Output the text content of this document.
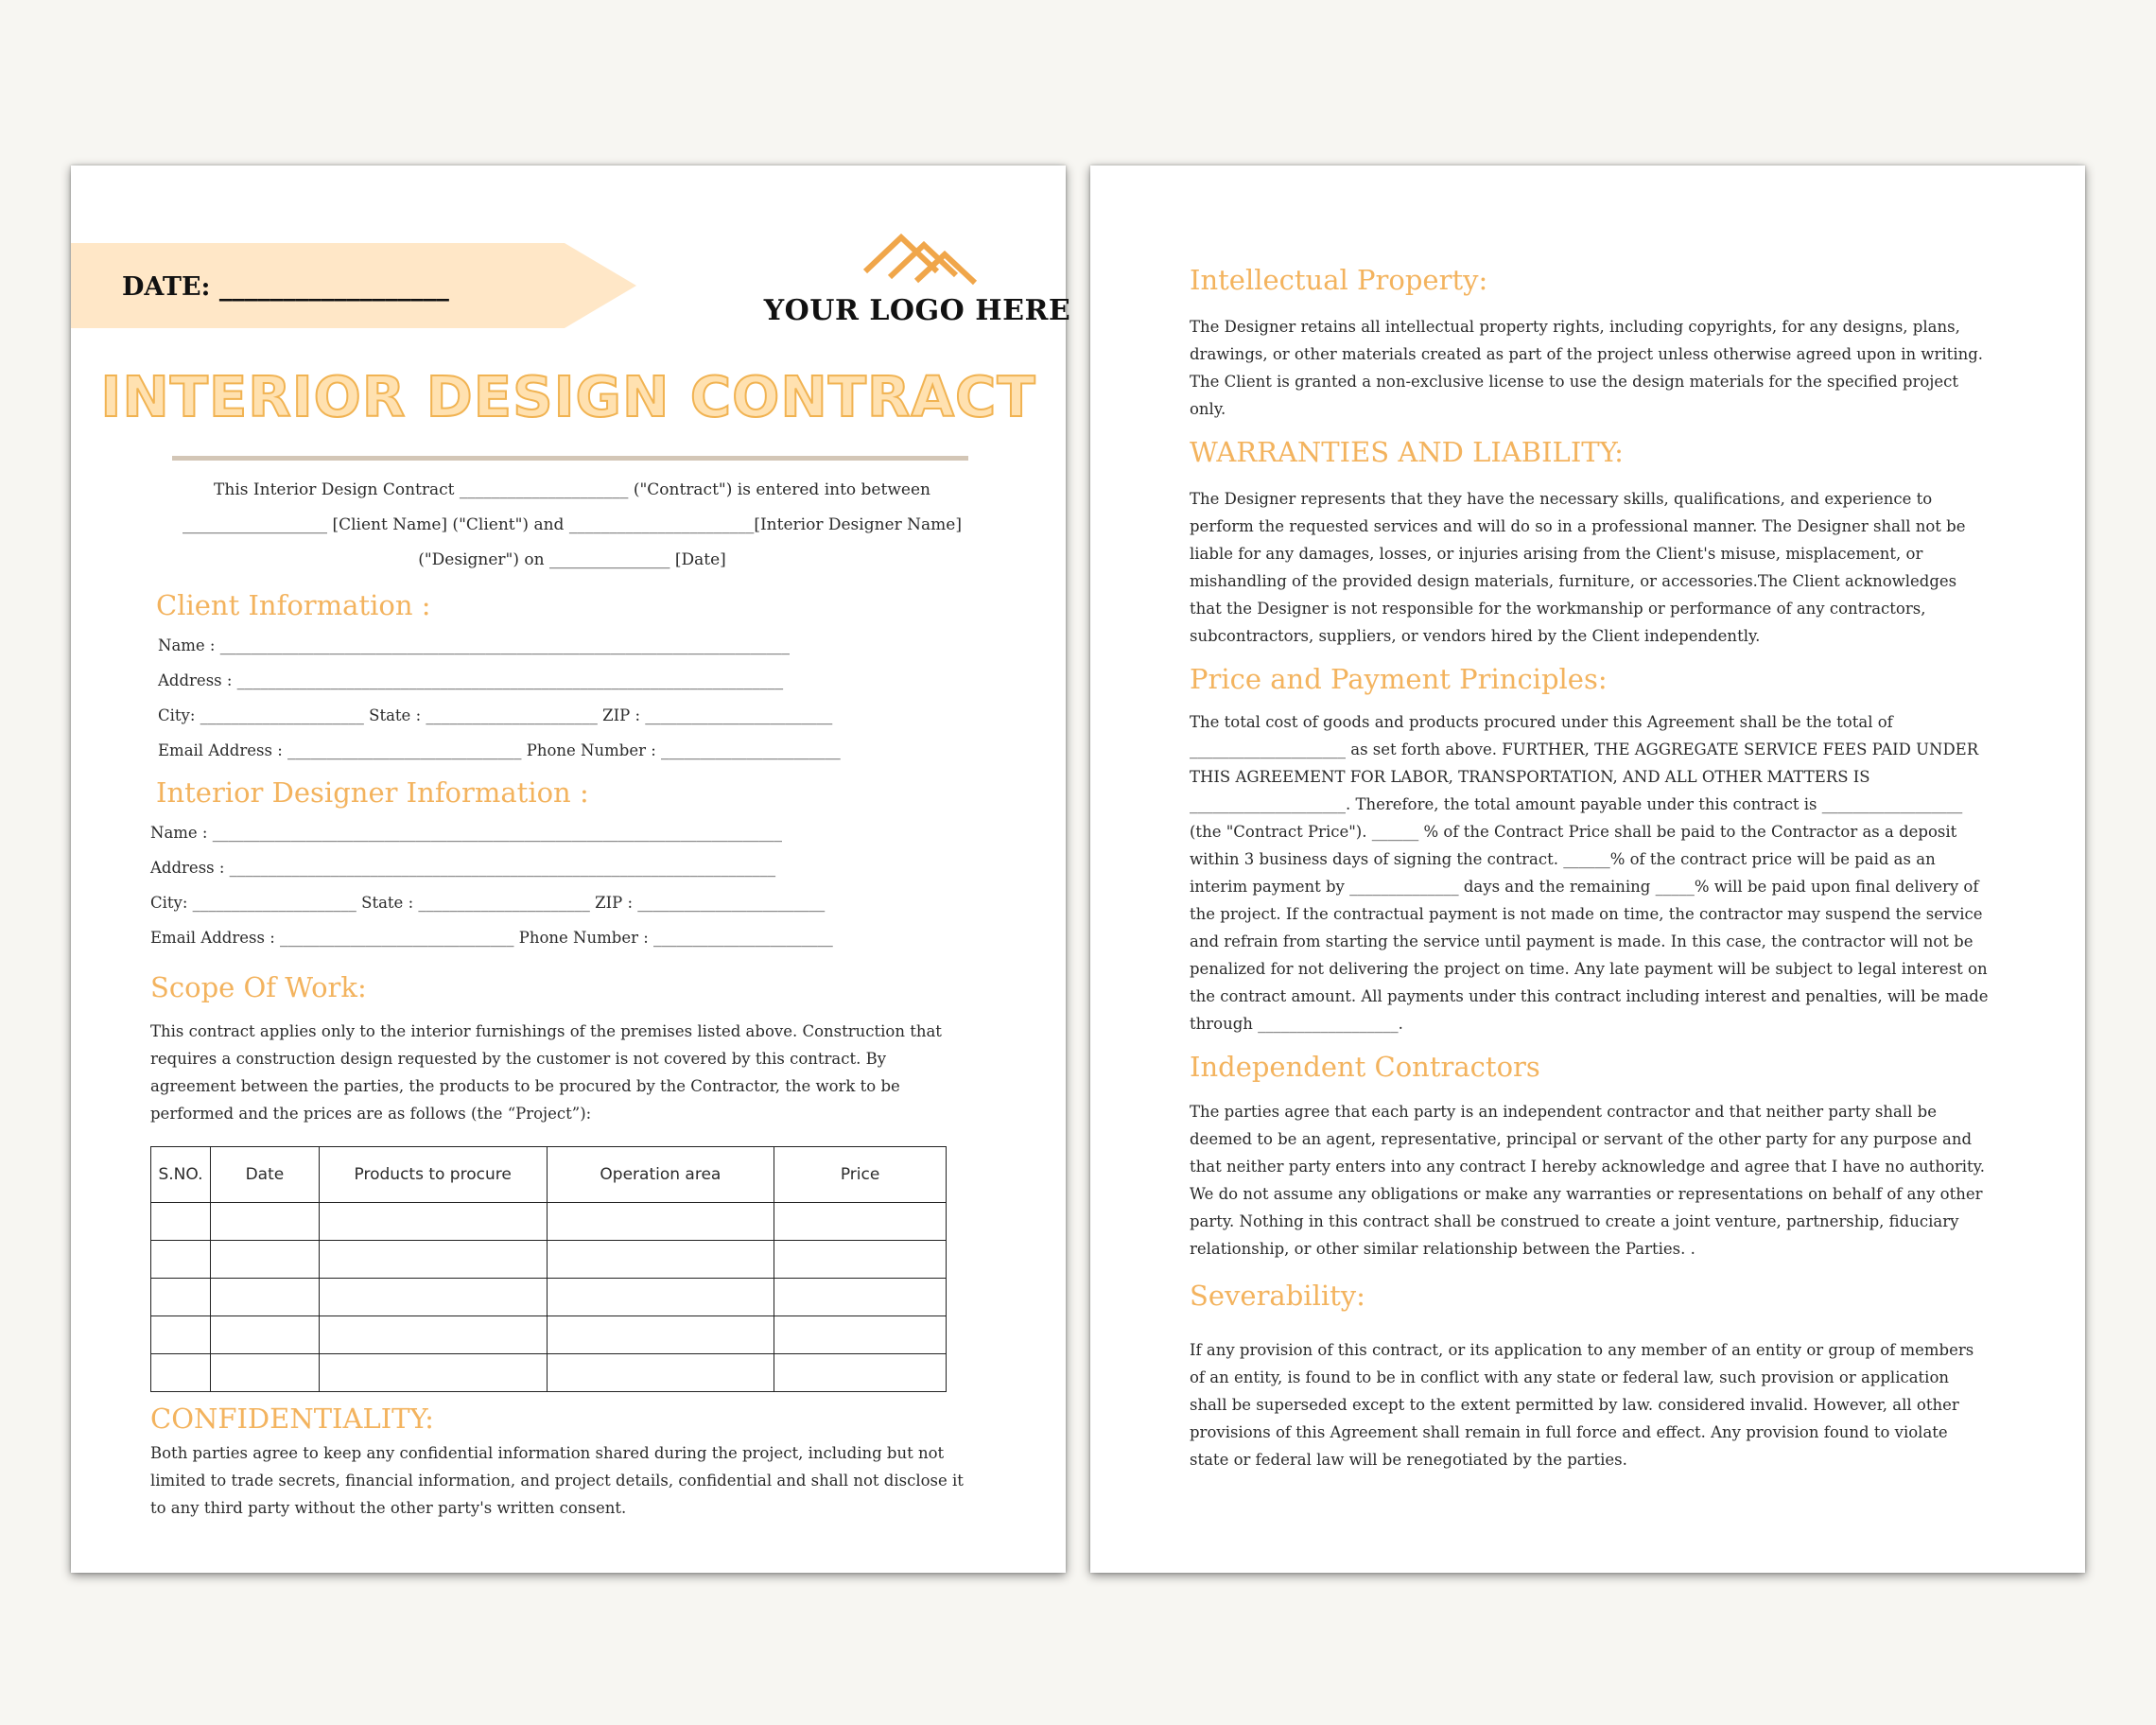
DATE: __________________
YOUR LOGO HERE
INTERIOR DESIGN CONTRACT
This Interior Design Contract _____________________ ("Contract") is entered into between __________________ [Client Name] ("Client") and _______________________[Interior Designer Name] ("Designer") on _______________ [Date]
Client Information :
Name : _________________________________________________________________________
Address : ______________________________________________________________________
City: _____________________ State : ______________________ ZIP : ________________________
Email Address : ______________________________ Phone Number : _______________________
Interior Designer Information :
Name : _________________________________________________________________________
Address : ______________________________________________________________________
City: _____________________ State : ______________________ ZIP : ________________________
Email Address : ______________________________ Phone Number : _______________________
Scope Of Work:
This contract applies only to the interior furnishings of the premises listed above. Construction that requires a construction design requested by the customer is not covered by this contract. By agreement between the parties, the products to be procured by the Contractor, the work to be performed and the prices are as follows (the “Project”):
S.NO.	Date	Products to procure	Operation area	Price

CONFIDENTIALITY:
Both parties agree to keep any confidential information shared during the project, including but not limited to trade secrets, financial information, and project details, confidential and shall not disclose it to any third party without the other party's written consent.
Intellectual Property:
The Designer retains all intellectual property rights, including copyrights, for any designs, plans, drawings, or other materials created as part of the project unless otherwise agreed upon in writing. The Client is granted a non-exclusive license to use the design materials for the specified project only.
WARRANTIES AND LIABILITY:
The Designer represents that they have the necessary skills, qualifications, and experience to perform the requested services and will do so in a professional manner. The Designer shall not be liable for any damages, losses, or injuries arising from the Client's misuse, misplacement, or mishandling of the provided design materials, furniture, or accessories.The Client acknowledges that the Designer is not responsible for the workmanship or performance of any contractors, subcontractors, suppliers, or vendors hired by the Client independently.
Price and Payment Principles:
The total cost of goods and products procured under this Agreement shall be the total of ____________________ as set forth above. FURTHER, THE AGGREGATE SERVICE FEES PAID UNDER THIS AGREEMENT FOR LABOR, TRANSPORTATION, AND ALL OTHER MATTERS IS ____________________. Therefore, the total amount payable under this contract is __________________ (the "Contract Price"). ______ % of the Contract Price shall be paid to the Contractor as a deposit within 3 business days of signing the contract. ______% of the contract price will be paid as an interim payment by ______________ days and the remaining _____% will be paid upon final delivery of the project. If the contractual payment is not made on time, the contractor may suspend the service and refrain from starting the service until payment is made. In this case, the contractor will not be penalized for not delivering the project on time. Any late payment will be subject to legal interest on the contract amount. All payments under this contract including interest and penalties, will be made through __________________.
Independent Contractors
The parties agree that each party is an independent contractor and that neither party shall be deemed to be an agent, representative, principal or servant of the other party for any purpose and that neither party enters into any contract I hereby acknowledge and agree that I have no authority. We do not assume any obligations or make any warranties or representations on behalf of any other party. Nothing in this contract shall be construed to create a joint venture, partnership, fiduciary relationship, or other similar relationship between the Parties. .
Severability:
If any provision of this contract, or its application to any member of an entity or group of members of an entity, is found to be in conflict with any state or federal law, such provision or application shall be superseded except to the extent permitted by law. considered invalid. However, all other provisions of this Agreement shall remain in full force and effect. Any provision found to violate state or federal law will be renegotiated by the parties.
